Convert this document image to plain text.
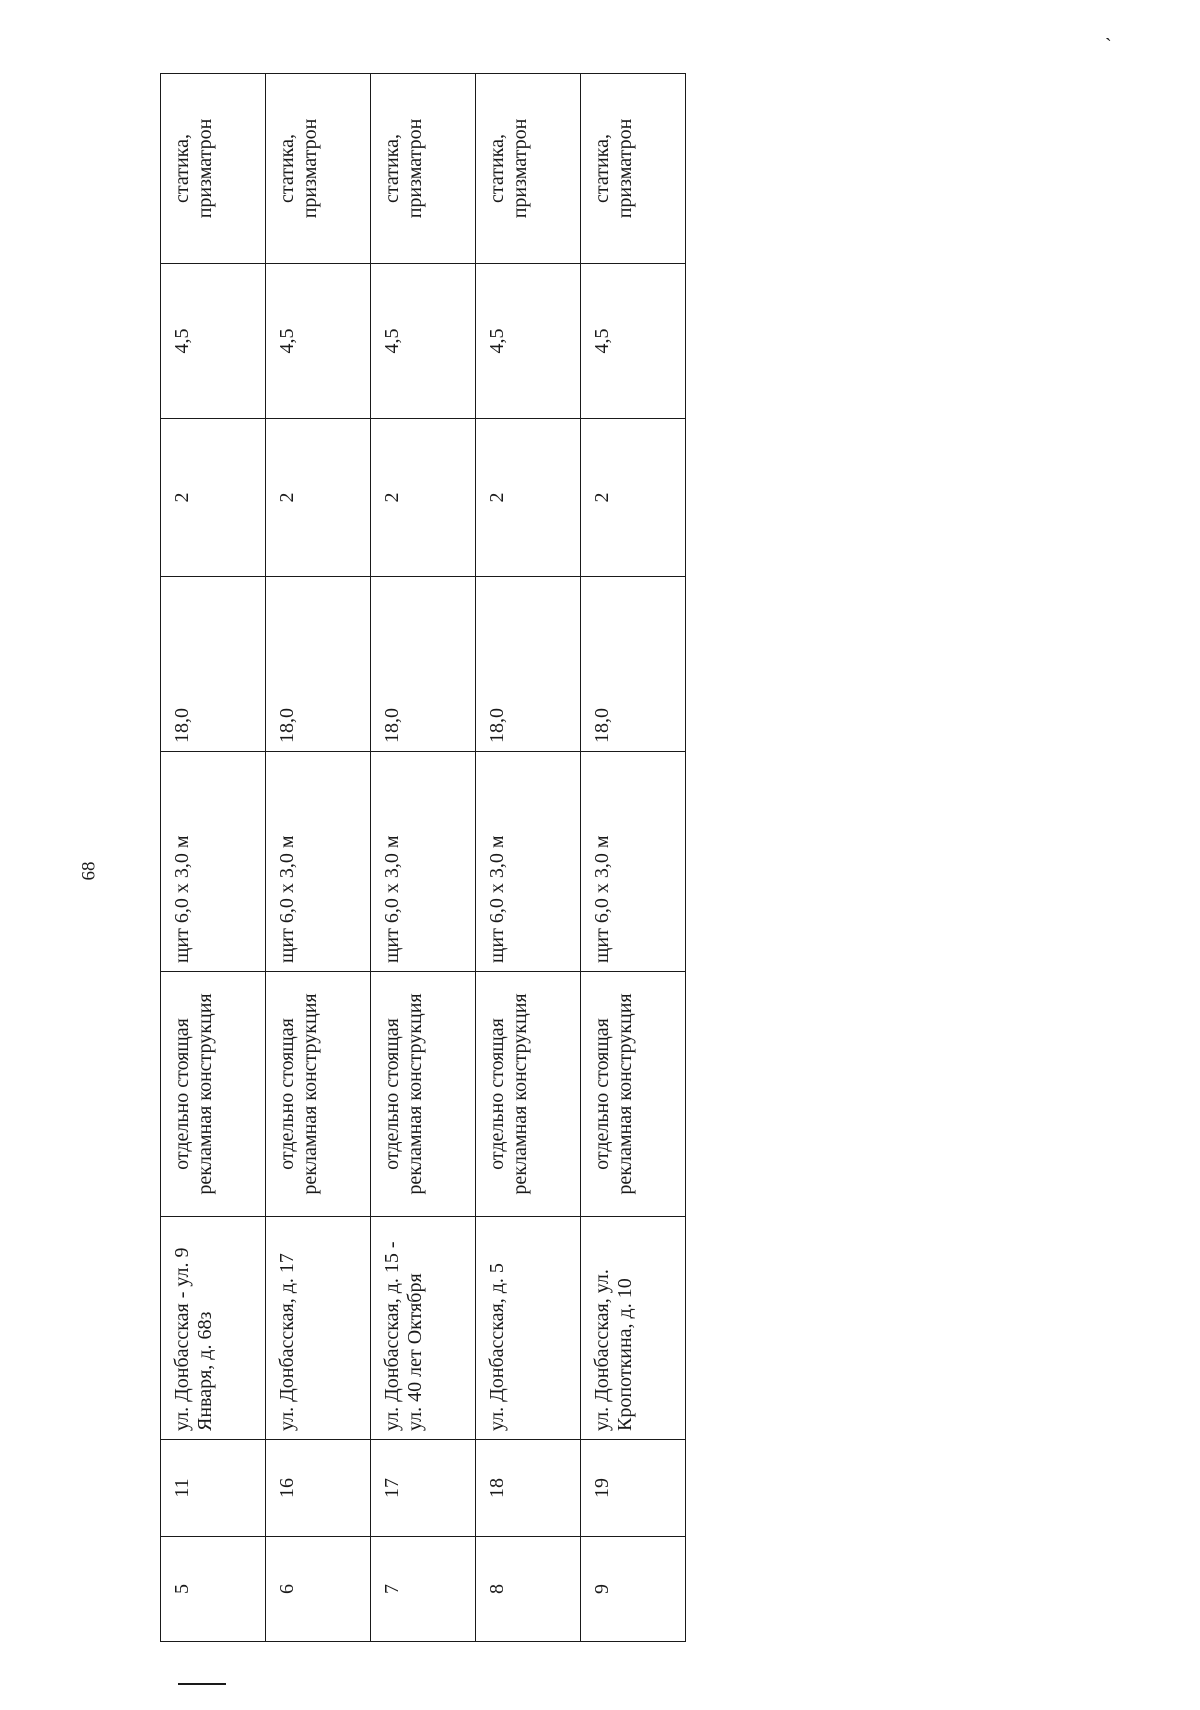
`
68
5	11	ул. Донбасская - ул. 9 Января, д. 68з	отдельно стоящая рекламная конструкция	щит 6,0 х 3,0 м	18,0	2	4,5	статика, призматрон
6	16	ул. Донбасская, д. 17	отдельно стоящая рекламная конструкция	щит 6,0 х 3,0 м	18,0	2	4,5	статика, призматрон
7	17	ул. Донбасская, д. 15 - ул. 40 лет Октября	отдельно стоящая рекламная конструкция	щит 6,0 х 3,0 м	18,0	2	4,5	статика, призматрон
8	18	ул. Донбасская, д. 5	отдельно стоящая рекламная конструкция	щит 6,0 х 3,0 м	18,0	2	4,5	статика, призматрон
9	19	ул. Донбасская, ул. Кропоткина, д. 10	отдельно стоящая рекламная конструкция	щит 6,0 х 3,0 м	18,0	2	4,5	статика, призматрон
